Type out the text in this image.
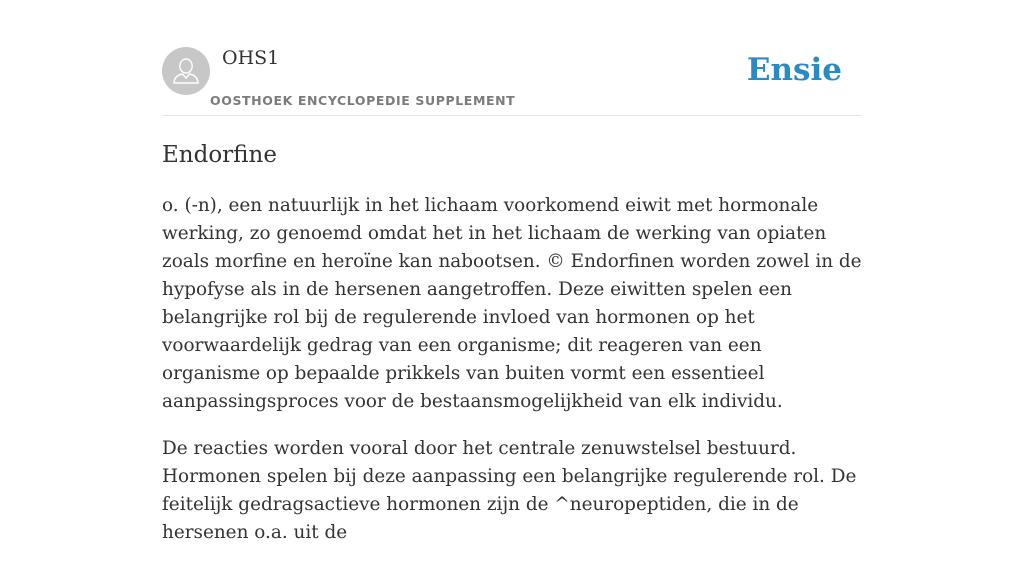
OHS1
OOSTHOEK ENCYCLOPEDIE SUPPLEMENT
Ensie
Endorfine

o. (-n), een natuurlijk in het lichaam voorkomend eiwit met hormonale werking, zo genoemd omdat het in het lichaam de werking van opiaten zoals morfine en heroïne kan nabootsen. © Endorfinen worden zowel in de hypofyse als in de hersenen aangetroffen. Deze eiwitten spelen een belangrijke rol bij de regulerende invloed van hormonen op het voorwaardelijk gedrag van een organisme; dit reageren van een organisme op bepaalde prikkels van buiten vormt een essentieel aanpassingsproces voor de bestaansmogelijkheid van elk individu.

De reacties worden vooral door het centrale zenuwstelsel bestuurd. Hormonen spelen bij deze aanpassing een belangrijke regulerende rol. De feitelijk gedragsactieve hormonen zijn de ^neuropeptiden, die in de hersenen o.a. uit de
